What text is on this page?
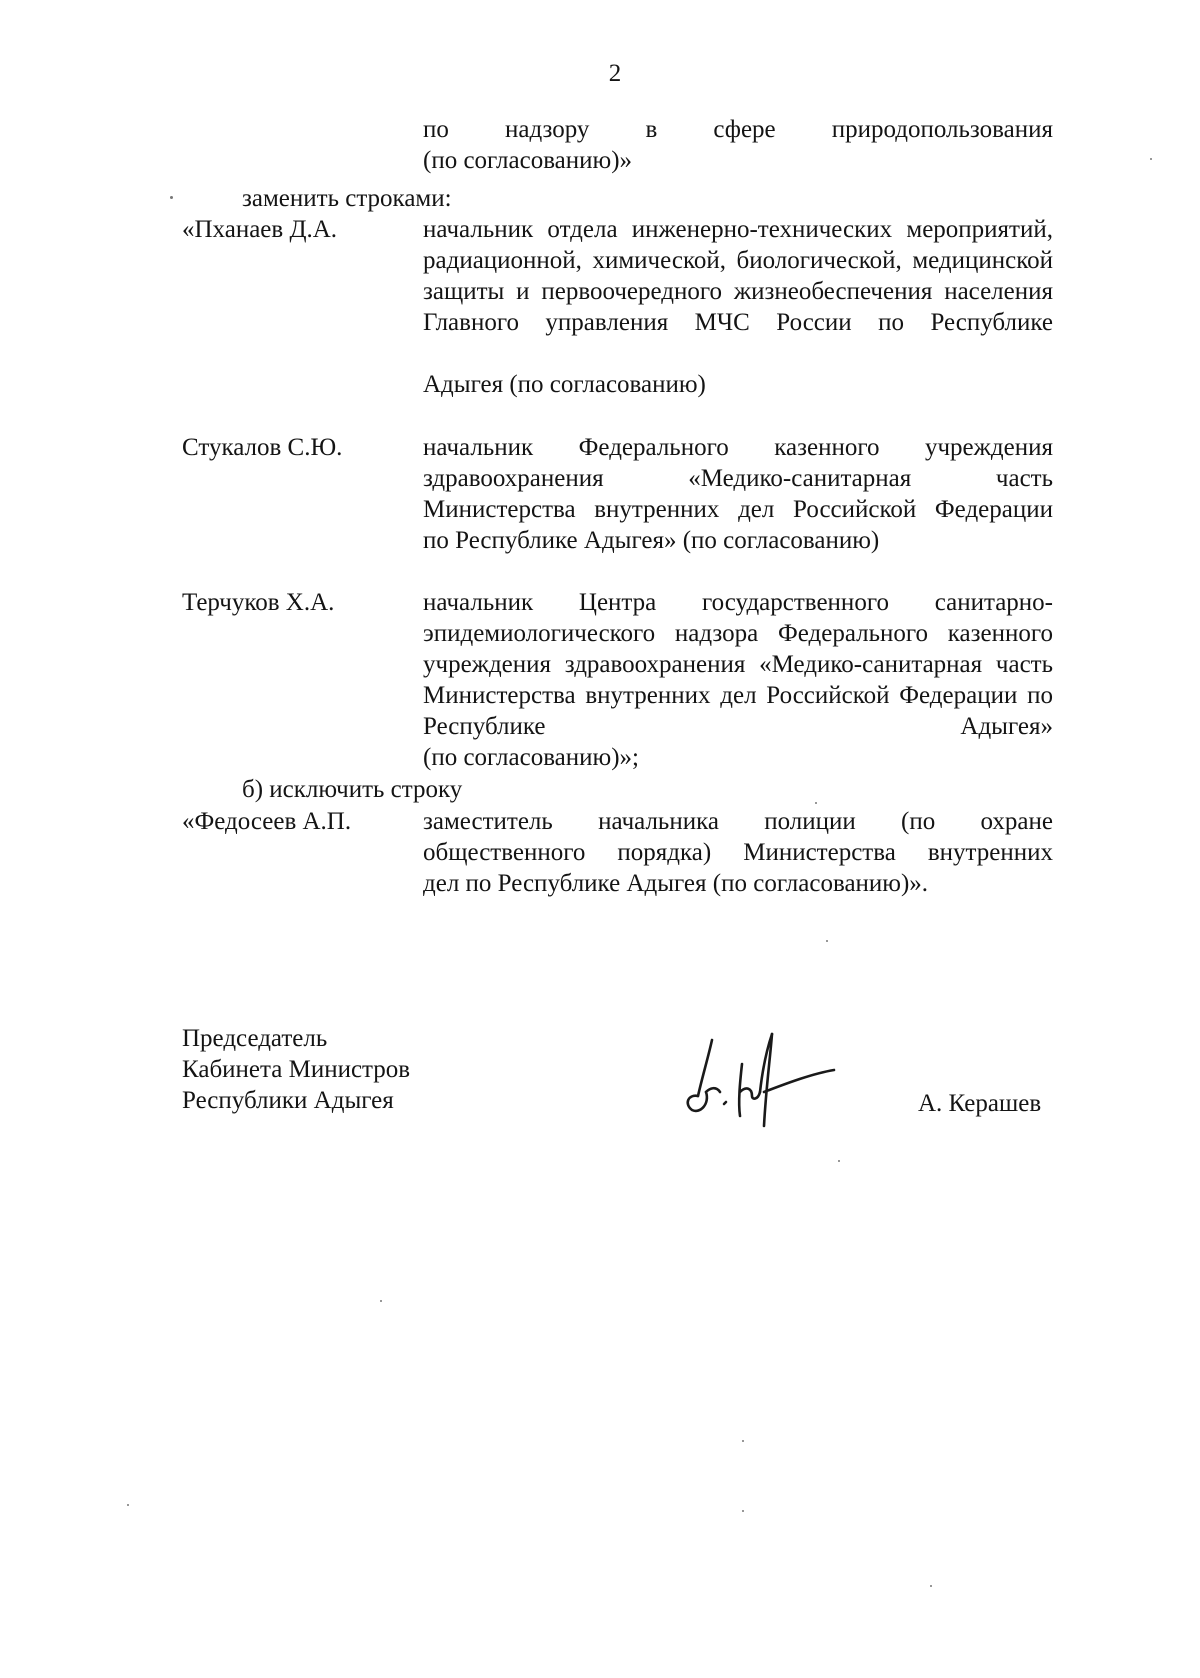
2
по надзору в сфере природопользования
(по согласованию)»
заменить строками:
«Пханаев Д.А.	начальник отдела инженерно-технических мероприятий, радиационной, химической, биологической, медицинской защиты и первоочередного жизнеобеспечения населения Главного управления МЧС России по Республике
Адыгея (по согласованию)
Стукалов С.Ю.	начальник Федерального казенного учреждения здравоохранения «Медико-санитарная часть Министерства внутренних дел Российской Федерации
по Республике Адыгея» (по согласованию)
Терчуков Х.А.	начальник Центра государственного санитарно-эпидемиологического надзора Федерального казенного учреждения здравоохранения «Медико-санитарная часть Министерства внутренних дел Российской Федерации по Республике Адыгея»
(по согласованию)»;
б) исключить строку
«Федосеев А.П.	заместитель начальника полиции (по охране общественного порядка) Министерства внутренних
дел по Республике Адыгея (по согласованию)».
Председатель
Кабинета Министров
Республики Адыгея	А. Керашев
